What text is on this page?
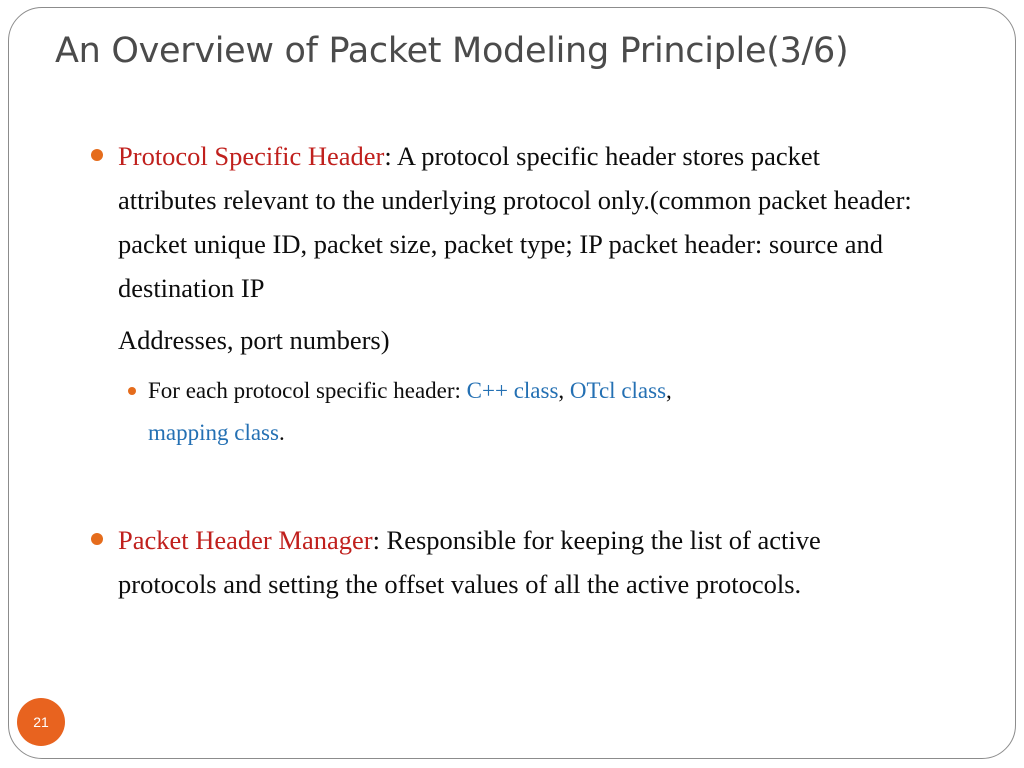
An Overview of Packet Modeling Principle(3/6)
Protocol Specific Header: A protocol specific header stores packet attributes relevant to the underlying protocol only.(common packet header: packet unique ID, packet size, packet type; IP packet header: source and destination IP
Addresses, port numbers)
For each protocol specific header: C++ class, OTcl class,
mapping class.
Packet Header Manager: Responsible for keeping the list of active protocols and setting the offset values of all the active protocols.
21
